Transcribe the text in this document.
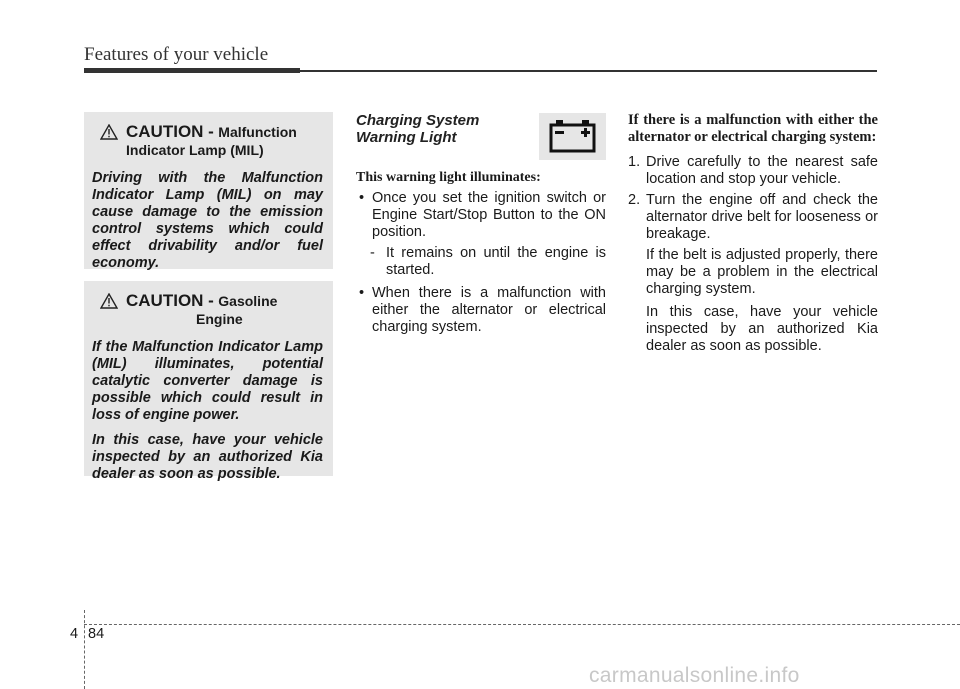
Features of your vehicle
CAUTION - Malfunction
Indicator Lamp (MIL)

Driving with the Malfunction Indicator Lamp (MIL) on may cause damage to the emission control systems which could effect drivability and/or fuel economy.

CAUTION - Gasoline
Engine

If the Malfunction Indicator Lamp (MIL) illuminates, potential catalytic converter damage is possible which could result in loss of engine power.

In this case, have your vehicle inspected by an authorized Kia dealer as soon as possible.

Charging System
Warning Light
This warning light illuminates:
• Once you set the ignition switch or Engine Start/Stop Button to the ON position.
- It remains on until the engine is started.
• When there is a malfunction with either the alternator or electrical charging system.
If there is a malfunction with either the alternator or electrical charging system:
1. Drive carefully to the nearest safe location and stop your vehicle.
2. Turn the engine off and check the alternator drive belt for looseness or breakage.
If the belt is adjusted properly, there may be a problem in the electrical charging system.
In this case, have your vehicle inspected by an authorized Kia dealer as soon as possible.
4 84
carmanualsonline.info
